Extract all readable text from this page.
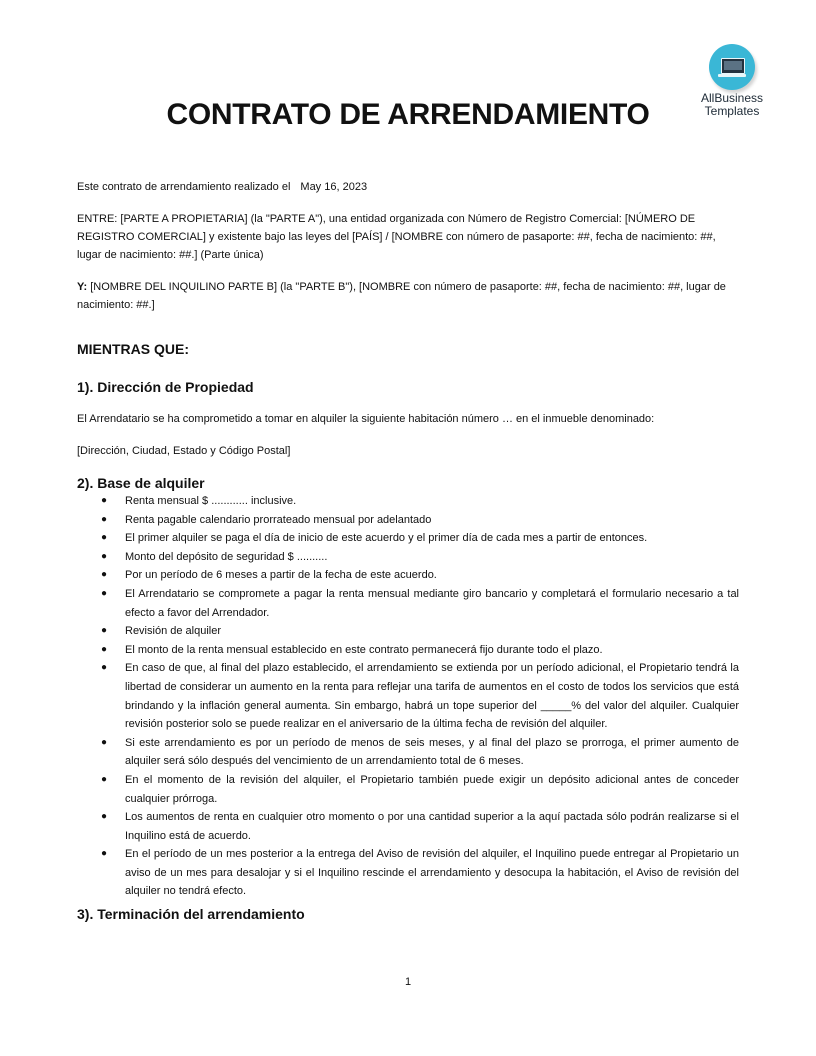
AllBusiness
Templates
CONTRATO DE ARRENDAMIENTO

Este contrato de arrendamiento realizado el May 16, 2023

ENTRE: [PARTE A PROPIETARIA] (la "PARTE A"), una entidad organizada con Número de Registro Comercial: [NÚMERO DE REGISTRO COMERCIAL] y existente bajo las leyes del [PAÍS] / [NOMBRE con número de pasaporte: ##, fecha de nacimiento: ##, lugar de nacimiento: ##.] (Parte única)

Y: [NOMBRE DEL INQUILINO PARTE B] (la "PARTE B"), [NOMBRE con número de pasaporte: ##, fecha de nacimiento: ##, lugar de nacimiento: ##.]

MIENTRAS QUE:

1). Dirección de Propiedad

El Arrendatario se ha comprometido a tomar en alquiler la siguiente habitación número … en el inmueble denominado:

[Dirección, Ciudad, Estado y Código Postal]

2). Base de alquiler

● Renta mensual $ ............ inclusive.
● Renta pagable calendario prorrateado mensual por adelantado
● El primer alquiler se paga el día de inicio de este acuerdo y el primer día de cada mes a partir de entonces.
● Monto del depósito de seguridad $ ..........
● Por un período de 6 meses a partir de la fecha de este acuerdo.
● El Arrendatario se compromete a pagar la renta mensual mediante giro bancario y completará el formulario necesario a tal efecto a favor del Arrendador.
● Revisión de alquiler
● El monto de la renta mensual establecido en este contrato permanecerá fijo durante todo el plazo.
● En caso de que, al final del plazo establecido, el arrendamiento se extienda por un período adicional, el Propietario tendrá la libertad de considerar un aumento en la renta para reflejar una tarifa de aumentos en el costo de todos los servicios que está brindando y la inflación general aumenta. Sin embargo, habrá un tope superior del _____% del valor del alquiler. Cualquier revisión posterior solo se puede realizar en el aniversario de la última fecha de revisión del alquiler.
● Si este arrendamiento es por un período de menos de seis meses, y al final del plazo se prorroga, el primer aumento de alquiler será sólo después del vencimiento de un arrendamiento total de 6 meses.
● En el momento de la revisión del alquiler, el Propietario también puede exigir un depósito adicional antes de conceder cualquier prórroga.
● Los aumentos de renta en cualquier otro momento o por una cantidad superior a la aquí pactada sólo podrán realizarse si el Inquilino está de acuerdo.
● En el período de un mes posterior a la entrega del Aviso de revisión del alquiler, el Inquilino puede entregar al Propietario un aviso de un mes para desalojar y si el Inquilino rescinde el arrendamiento y desocupa la habitación, el Aviso de revisión del alquiler no tendrá efecto.

3). Terminación del arrendamiento

1
